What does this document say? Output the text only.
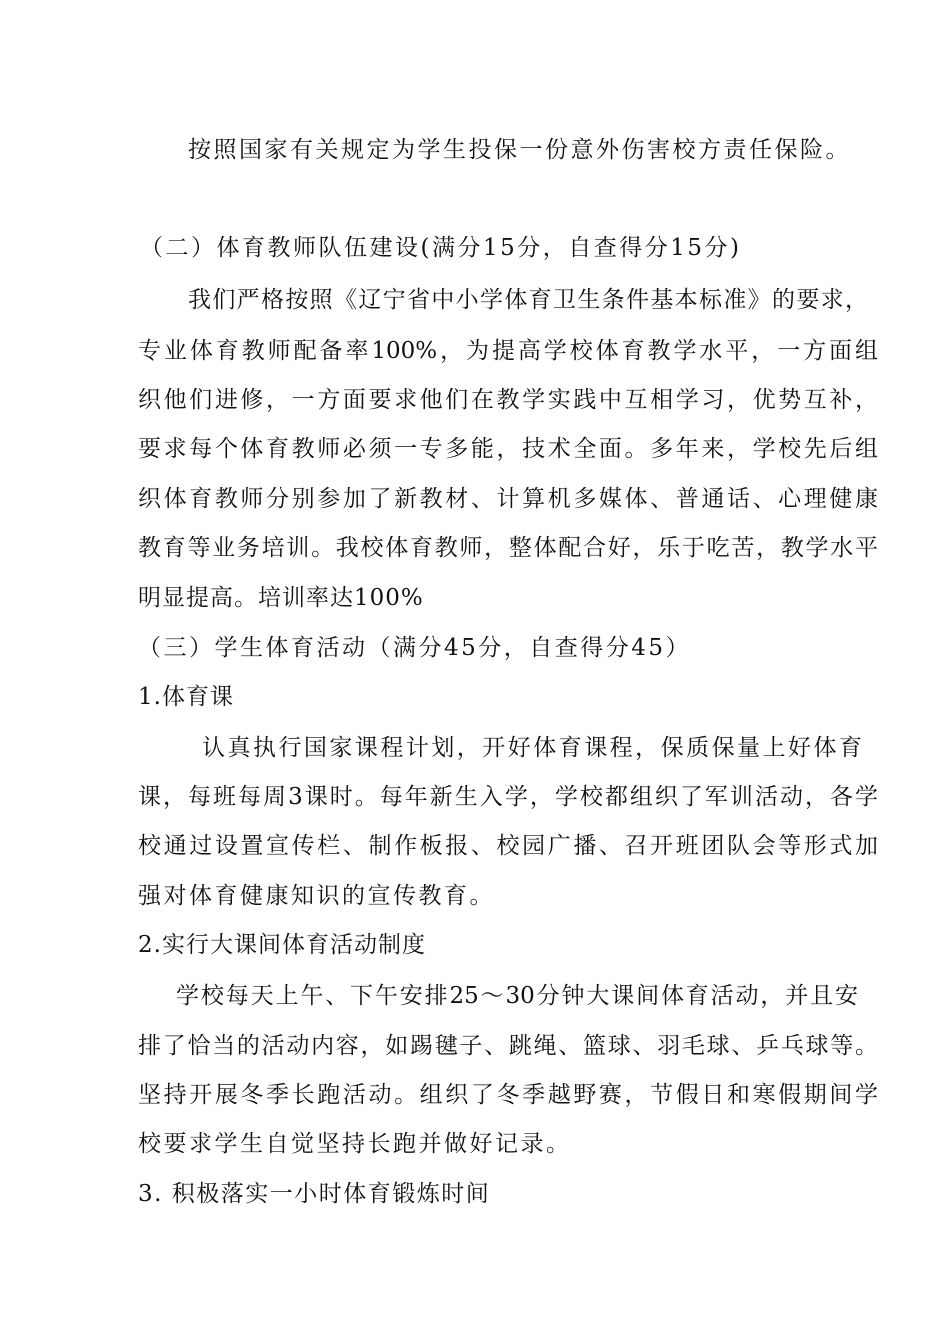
按照国家有关规定为学生投保一份意外伤害校方责任保险。
（二）体育教师队伍建设(满分15分，自查得分15分)
我们严格按照《辽宁省中小学体育卫生条件基本标准》的要求，
专业体育教师配备率100%，为提高学校体育教学水平，一方面组
织他们进修，一方面要求他们在教学实践中互相学习，优势互补，
要求每个体育教师必须一专多能，技术全面。多年来，学校先后组
织体育教师分别参加了新教材、计算机多媒体、普通话、心理健康
教育等业务培训。我校体育教师，整体配合好，乐于吃苦，教学水平
明显提高。培训率达100%
（三）学生体育活动（满分45分，自查得分45）
1.体育课
认真执行国家课程计划，开好体育课程，保质保量上好体育
课，每班每周3课时。每年新生入学，学校都组织了军训活动，各学
校通过设置宣传栏、制作板报、校园广播、召开班团队会等形式加
强对体育健康知识的宣传教育。
2.实行大课间体育活动制度
学校每天上午、下午安排25～30分钟大课间体育活动，并且安
排了恰当的活动内容，如踢毽子、跳绳、篮球、羽毛球、乒乓球等。
坚持开展冬季长跑活动。组织了冬季越野赛，节假日和寒假期间学
校要求学生自觉坚持长跑并做好记录。
3. 积极落实一小时体育锻炼时间
